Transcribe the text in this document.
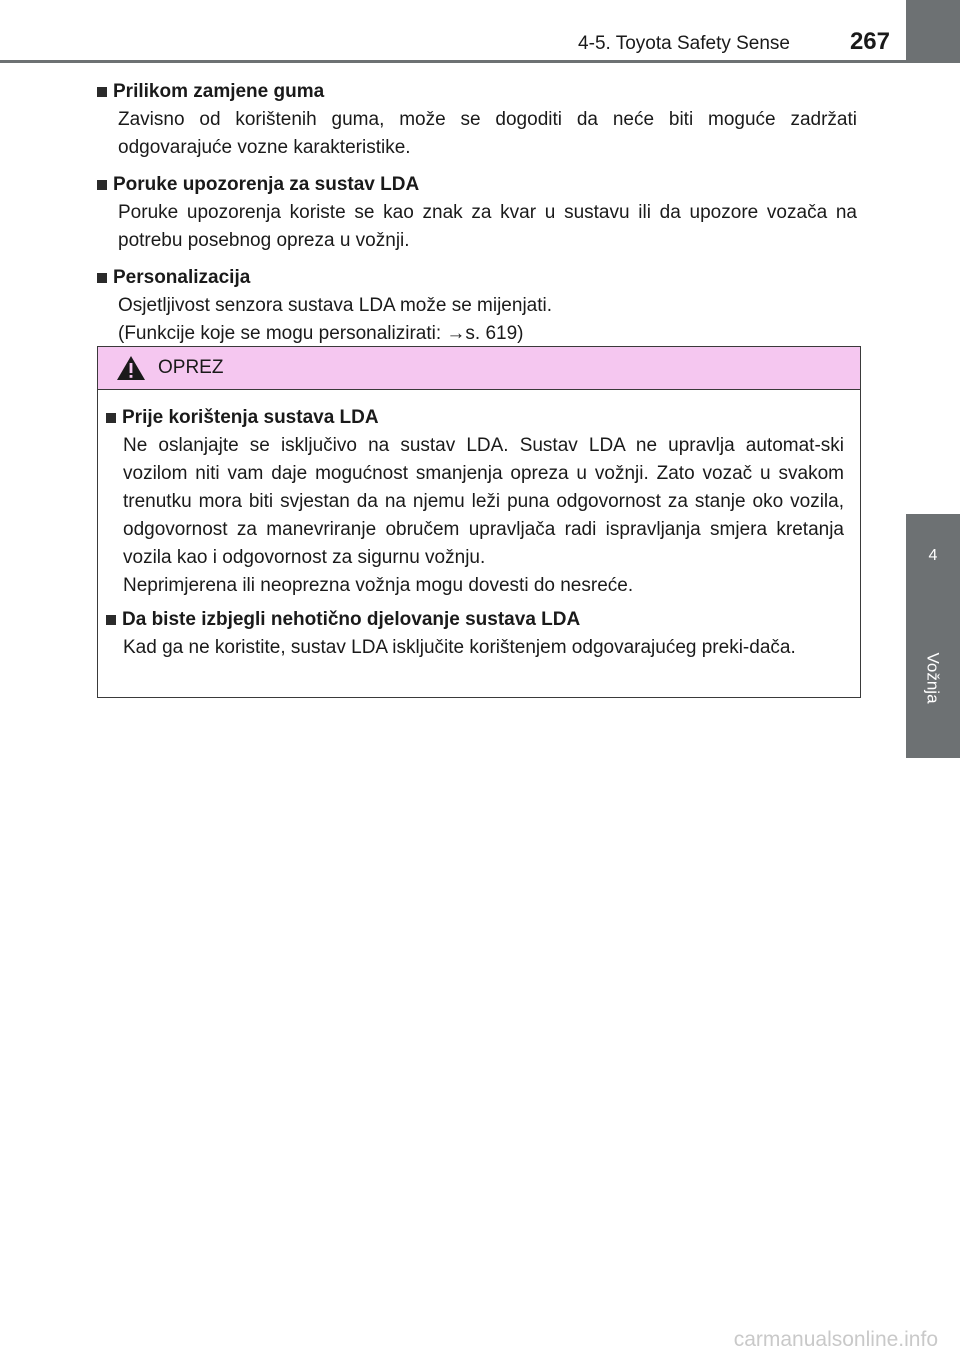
4-5. Toyota Safety Sense 267
4
Vožnja
Prilikom zamjene guma
Zavisno od korištenih guma, može se dogoditi da neće biti moguće zadržati odgovarajuće vozne karakteristike.
Poruke upozorenja za sustav LDA
Poruke upozorenja koriste se kao znak za kvar u sustavu ili da upozore vozača na potrebu posebnog opreza u vožnji.
Personalizacija
Osjetljivost senzora sustava LDA može se mijenjati.
(Funkcije koje se mogu personalizirati: →s. 619)
OPREZ
Prije korištenja sustava LDA
Ne oslanjajte se isključivo na sustav LDA. Sustav LDA ne upravlja automat-ski vozilom niti vam daje mogućnost smanjenja opreza u vožnji. Zato vozač u svakom trenutku mora biti svjestan da na njemu leži puna odgovornost za stanje oko vozila, odgovornost za manevriranje obručem upravljača radi ispravljanja smjera kretanja vozila kao i odgovornost za sigurnu vožnju.
Neprimjerena ili neoprezna vožnja mogu dovesti do nesreće.
Da biste izbjegli nehotično djelovanje sustava LDA
Kad ga ne koristite, sustav LDA isključite korištenjem odgovarajućeg preki-dača.
carmanualsonline.info
